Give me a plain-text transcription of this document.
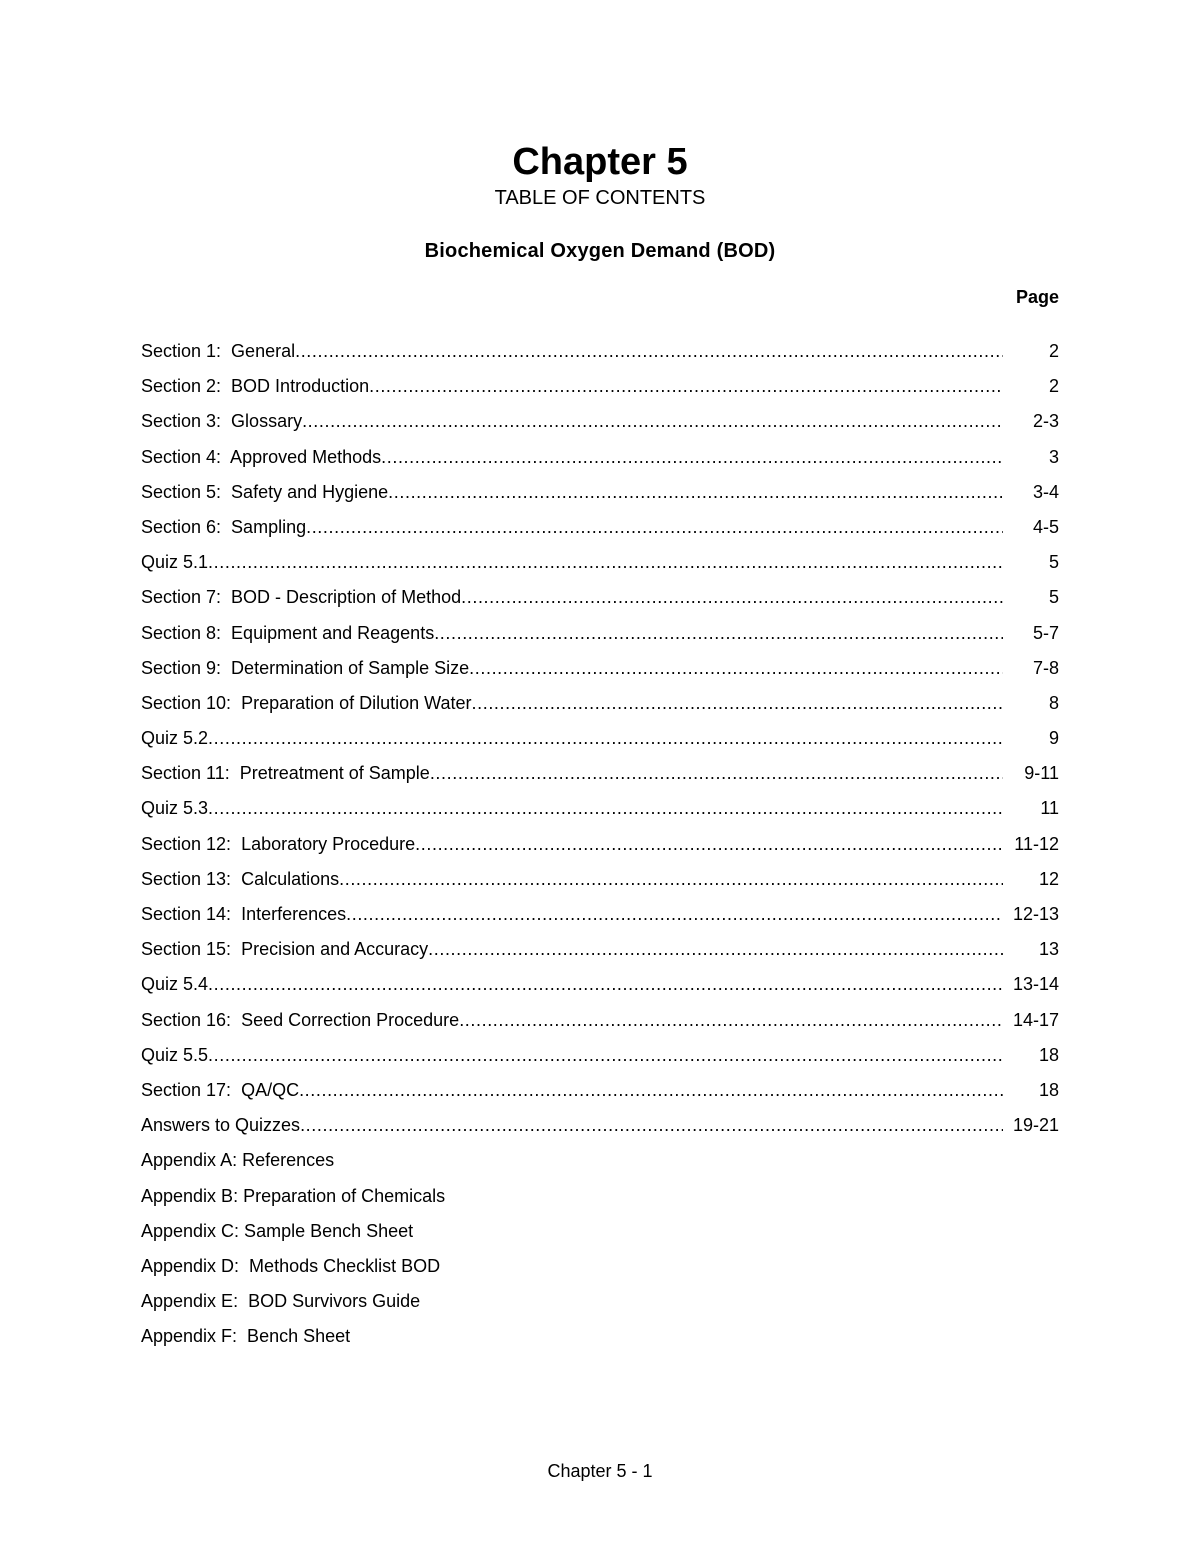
Chapter 5
TABLE OF CONTENTS
Biochemical Oxygen Demand (BOD)
Page
Section 1:  General .....	2
Section 2:  BOD Introduction .....	2
Section 3:  Glossary .....	2-3
Section 4:  Approved Methods .....	3
Section 5:  Safety and Hygiene .....	3-4
Section 6:  Sampling .....	4-5
Quiz 5.1 .....	5
Section 7:  BOD - Description of Method .....	5
Section 8:  Equipment and Reagents .....	5-7
Section 9:  Determination of Sample Size .....	7-8
Section 10:  Preparation of Dilution Water .....	8
Quiz 5.2 .....	9
Section 11:  Pretreatment of Sample .....	9-11
Quiz 5.3 .....	11
Section 12:  Laboratory Procedure .....	11-12
Section 13:  Calculations .....	12
Section 14:  Interferences .....	12-13
Section 15:  Precision and Accuracy .....	13
Quiz 5.4 .....	13-14
Section 16:  Seed Correction Procedure .....	14-17
Quiz 5.5 .....	18
Section 17:  QA/QC .....	18
Answers to Quizzes .....	19-21
Appendix A: References
Appendix B: Preparation of Chemicals
Appendix C: Sample Bench Sheet
Appendix D:  Methods Checklist BOD
Appendix E:  BOD Survivors Guide
Appendix F:  Bench Sheet
Chapter 5 - 1
